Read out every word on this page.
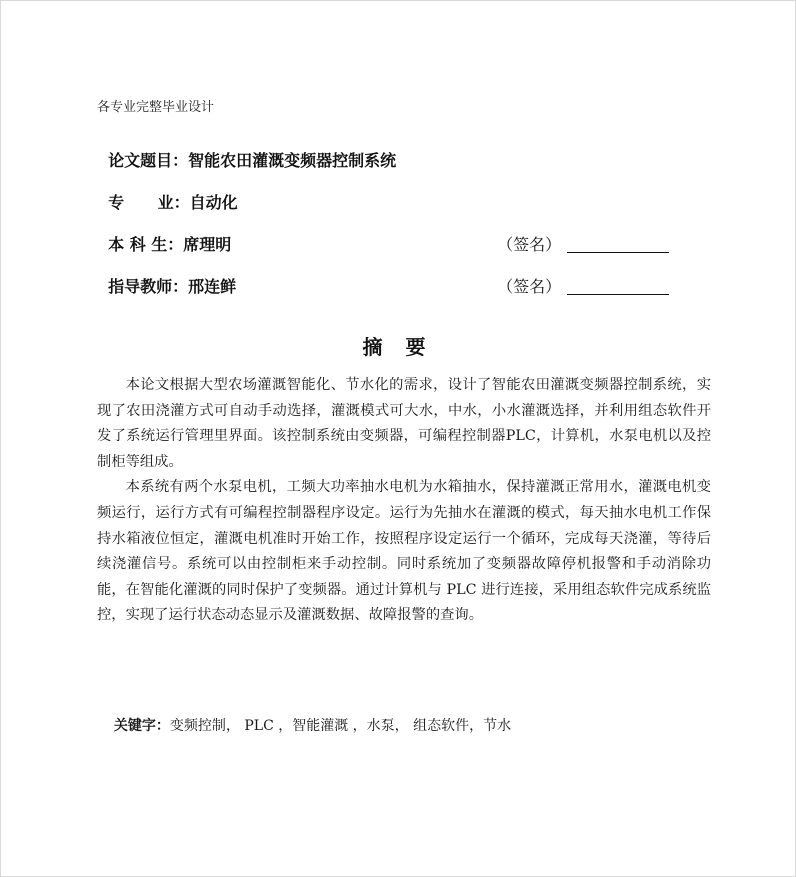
各专业完整毕业设计

论文题目：智能农田灌溉变频器控制系统

专      业：自动化

本 科 生：席理明	（签名）

指导教师：邢连鲜	（签名）

摘 要

本论文根据大型农场灌溉智能化、节水化的需求，设计了智能农田灌溉变频器控制系统，实现了农田浇灌方式可自动手动选择，灌溉模式可大水，中水，小水灌溉选择，并利用组态软件开发了系统运行管理里界面。该控制系统由变频器，可编程控制器PLC，计算机，水泵电机以及控制柜等组成。

本系统有两个水泵电机，工频大功率抽水电机为水箱抽水，保持灌溉正常用水，灌溉电机变频运行，运行方式有可编程控制器程序设定。运行为先抽水在灌溉的模式，每天抽水电机工作保持水箱液位恒定，灌溉电机准时开始工作，按照程序设定运行一个循环，完成每天浇灌，等待后续浇灌信号。系统可以由控制柜来手动控制。同时系统加了变频器故障停机报警和手动消除功能，在智能化灌溉的同时保护了变频器。通过计算机与 PLC 进行连接，采用组态软件完成系统监控，实现了运行状态动态显示及灌溉数据、故障报警的查询。

关键字：变频控制， PLC ，智能灌溉 ，水泵， 组态软件，节水
